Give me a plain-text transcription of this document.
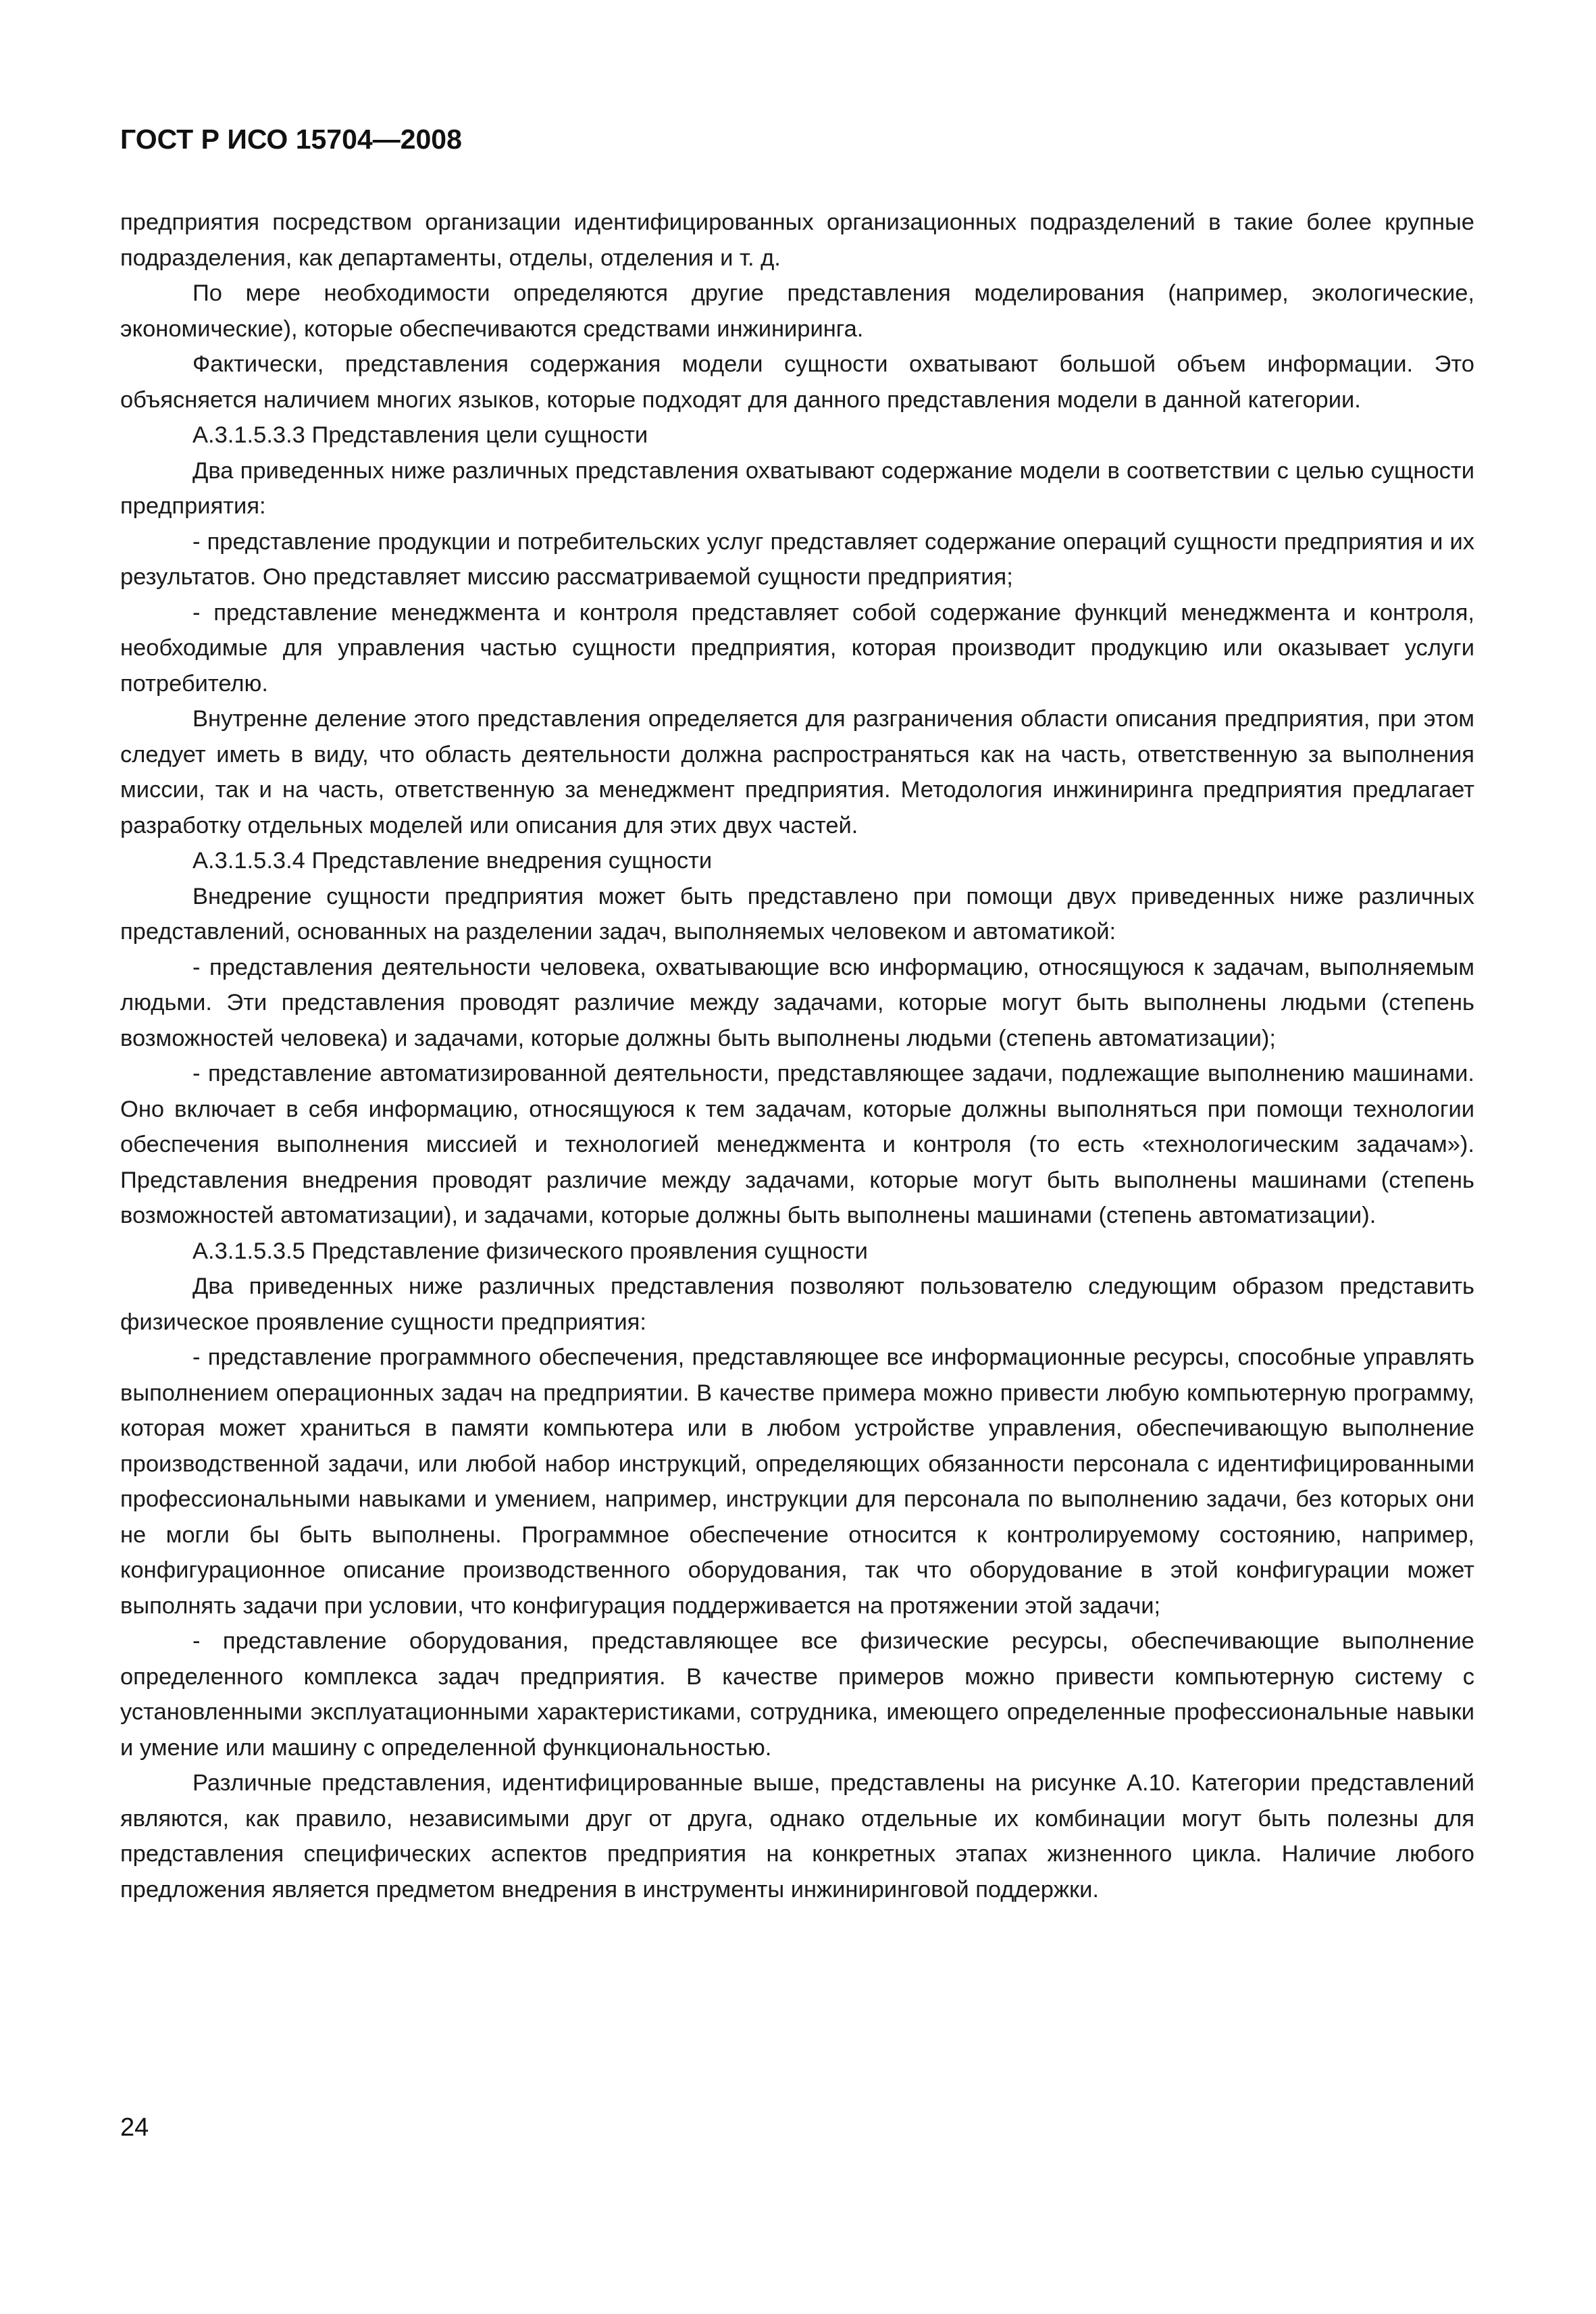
ГОСТ Р ИСО 15704—2008

предприятия посредством организации идентифицированных организационных подразделений в такие более крупные подразделения, как департаменты, отделы, отделения и т. д.

По мере необходимости определяются другие представления моделирования (например, экологические, экономические), которые обеспечиваются средствами инжиниринга.

Фактически, представления содержания модели сущности охватывают большой объем информации. Это объясняется наличием многих языков, которые подходят для данного представления модели в данной категории.

А.3.1.5.3.3 Представления цели сущности

Два приведенных ниже различных представления охватывают содержание модели в соответствии с целью сущности предприятия:

- представление продукции и потребительских услуг представляет содержание операций сущности предприятия и их результатов. Оно представляет миссию рассматриваемой сущности предприятия;

- представление менеджмента и контроля представляет собой содержание функций менеджмента и контроля, необходимые для управления частью сущности предприятия, которая производит продукцию или оказывает услуги потребителю.

Внутренне деление этого представления определяется для разграничения области описания предприятия, при этом следует иметь в виду, что область деятельности должна распространяться как на часть, ответственную за выполнения миссии, так и на часть, ответственную за менеджмент предприятия. Методология инжиниринга предприятия предлагает разработку отдельных моделей или описания для этих двух частей.

А.3.1.5.3.4 Представление внедрения сущности

Внедрение сущности предприятия может быть представлено при помощи двух приведенных ниже различных представлений, основанных на разделении задач, выполняемых человеком и автоматикой:

- представления деятельности человека, охватывающие всю информацию, относящуюся к задачам, выполняемым людьми. Эти представления проводят различие между задачами, которые могут быть выполнены людьми (степень возможностей человека) и задачами, которые должны быть выполнены людьми (степень автоматизации);

- представление автоматизированной деятельности, представляющее задачи, подлежащие выполнению машинами. Оно включает в себя информацию, относящуюся к тем задачам, которые должны выполняться при помощи технологии обеспечения выполнения миссией и технологией менеджмента и контроля (то есть «технологическим задачам»). Представления внедрения проводят различие между задачами, которые могут быть выполнены машинами (степень возможностей автоматизации), и задачами, которые должны быть выполнены машинами (степень автоматизации).

А.3.1.5.3.5 Представление физического проявления сущности

Два приведенных ниже различных представления позволяют пользователю следующим образом представить физическое проявление сущности предприятия:

- представление программного обеспечения, представляющее все информационные ресурсы, способные управлять выполнением операционных задач на предприятии. В качестве примера можно привести любую компьютерную программу, которая может храниться в памяти компьютера или в любом устройстве управления, обеспечивающую выполнение производственной задачи, или любой набор инструкций, определяющих обязанности персонала с идентифицированными профессиональными навыками и умением, например, инструкции для персонала по выполнению задачи, без которых они не могли бы быть выполнены. Программное обеспечение относится к контролируемому состоянию, например, конфигурационное описание производственного оборудования, так что оборудование в этой конфигурации может выполнять задачи при условии, что конфигурация поддерживается на протяжении этой задачи;

- представление оборудования, представляющее все физические ресурсы, обеспечивающие выполнение определенного комплекса задач предприятия. В качестве примеров можно привести компьютерную систему с установленными эксплуатационными характеристиками, сотрудника, имеющего определенные профессиональные навыки и умение или машину с определенной функциональностью.

Различные представления, идентифицированные выше, представлены на рисунке А.10. Категории представлений являются, как правило, независимыми друг от друга, однако отдельные их комбинации могут быть полезны для представления специфических аспектов предприятия на конкретных этапах жизненного цикла. Наличие любого предложения является предметом внедрения в инструменты инжиниринговой поддержки.

24
